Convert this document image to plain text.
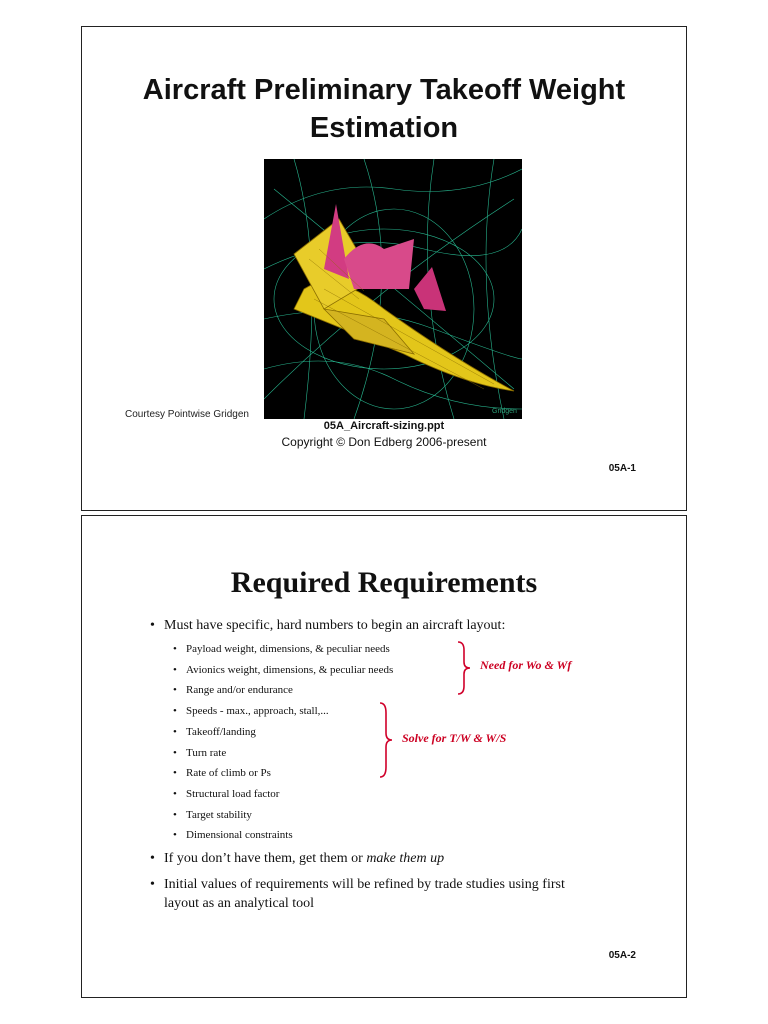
Aircraft Preliminary Takeoff Weight
Estimation
Gridgen
Courtesy Pointwise Gridgen
05A_Aircraft-sizing.ppt
Copyright © Don Edberg 2006-present
05A-1
Required Requirements
• Must have specific, hard numbers to begin an aircraft layout:
• Payload weight, dimensions, & peculiar needs
• Avionics weight, dimensions, & peculiar needs
• Range and/or endurance
• Speeds - max., approach, stall,...
• Takeoff/landing
• Turn rate
• Rate of climb or Ps
• Structural load factor
• Target stability
• Dimensional constraints
• If you don’t have them, get them or make them up
• Initial values of requirements will be refined by trade studies using first
layout as an analytical tool
Need for Wo & Wf
Solve for T/W & W/S
05A-2
